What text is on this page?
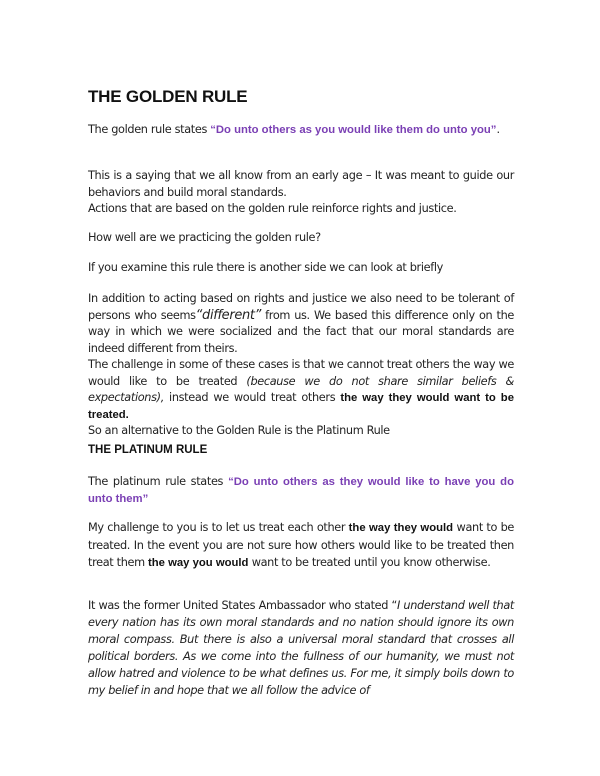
THE GOLDEN RULE

The golden rule states “Do unto others as you would like them do unto you”.

This is a saying that we all know from an early age – It was meant to guide our behaviors and build moral standards.
Actions that are based on the golden rule reinforce rights and justice.

How well are we practicing the golden rule?

If you examine this rule there is another side we can look at briefly

In addition to acting based on rights and justice we also need to be tolerant of persons who seems“different” from us. We based this difference only on the way in which we were socialized and the fact that our moral standards are indeed different from theirs.
The challenge in some of these cases is that we cannot treat others the way we would like to be treated (because we do not share similar beliefs & expectations), instead we would treat others the way they would want to be treated.
So an alternative to the Golden Rule is the Platinum Rule

THE PLATINUM RULE

The platinum rule states “Do unto others as they would like to have you do unto them”

My challenge to you is to let us treat each other the way they would want to be treated. In the event you are not sure how others would like to be treated then treat them the way you would want to be treated until you know otherwise.

It was the former United States Ambassador who stated “I understand well that every nation has its own moral standards and no nation should ignore its own moral compass. But there is also a universal moral standard that crosses all political borders. As we come into the fullness of our humanity, we must not allow hatred and violence to be what defines us. For me, it simply boils down to my belief in and hope that we all follow the advice of
